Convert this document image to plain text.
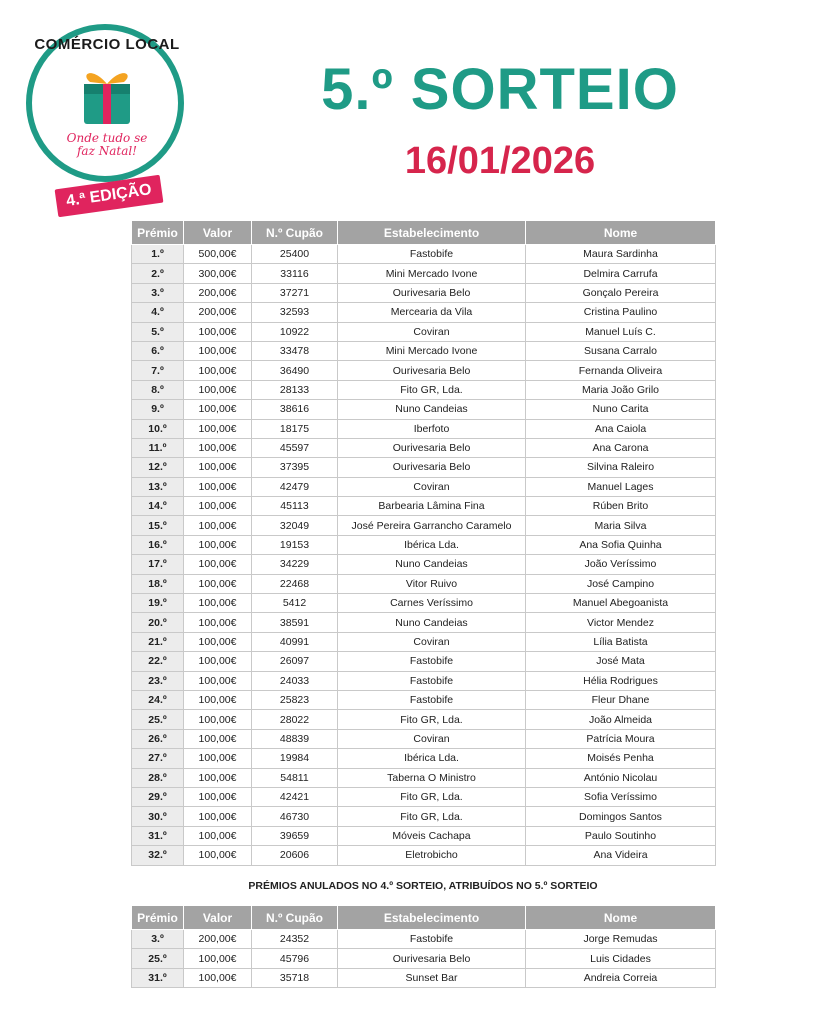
COMÉRCIO LOCAL
Onde tudo se
faz Natal!
4.ª EDIÇÃO
5.º SORTEIO
16/01/2026
Prémio	Valor	N.º Cupão	Estabelecimento	Nome
1.º	500,00€	25400	Fastobife	Maura Sardinha
2.º	300,00€	33116	Mini Mercado Ivone	Delmira Carrufa
3.º	200,00€	37271	Ourivesaria Belo	Gonçalo Pereira
4.º	200,00€	32593	Mercearia da Vila	Cristina Paulino
5.º	100,00€	10922	Coviran	Manuel Luís C.
6.º	100,00€	33478	Mini Mercado Ivone	Susana Carralo
7.º	100,00€	36490	Ourivesaria Belo	Fernanda Oliveira
8.º	100,00€	28133	Fito GR, Lda.	Maria João Grilo
9.º	100,00€	38616	Nuno Candeias	Nuno Carita
10.º	100,00€	18175	Iberfoto	Ana Caiola
11.º	100,00€	45597	Ourivesaria Belo	Ana Carona
12.º	100,00€	37395	Ourivesaria Belo	Silvina Raleiro
13.º	100,00€	42479	Coviran	Manuel Lages
14.º	100,00€	45113	Barbearia Lâmina Fina	Rúben Brito
15.º	100,00€	32049	José Pereira Garrancho Caramelo	Maria Silva
16.º	100,00€	19153	Ibérica Lda.	Ana Sofia Quinha
17.º	100,00€	34229	Nuno Candeias	João Veríssimo
18.º	100,00€	22468	Vitor Ruivo	José Campino
19.º	100,00€	5412	Carnes Veríssimo	Manuel Abegoanista
20.º	100,00€	38591	Nuno Candeias	Victor Mendez
21.º	100,00€	40991	Coviran	Lília Batista
22.º	100,00€	26097	Fastobife	José Mata
23.º	100,00€	24033	Fastobife	Hélia Rodrigues
24.º	100,00€	25823	Fastobife	Fleur Dhane
25.º	100,00€	28022	Fito GR, Lda.	João Almeida
26.º	100,00€	48839	Coviran	Patrícia Moura
27.º	100,00€	19984	Ibérica Lda.	Moisés Penha
28.º	100,00€	54811	Taberna O Ministro	António Nicolau
29.º	100,00€	42421	Fito GR, Lda.	Sofia Veríssimo
30.º	100,00€	46730	Fito GR, Lda.	Domingos Santos
31.º	100,00€	39659	Móveis Cachapa	Paulo Soutinho
32.º	100,00€	20606	Eletrobicho	Ana Videira
PRÉMIOS ANULADOS NO 4.º SORTEIO, ATRIBUÍDOS NO 5.º SORTEIO
Prémio	Valor	N.º Cupão	Estabelecimento	Nome
3.º	200,00€	24352	Fastobife	Jorge Remudas
25.º	100,00€	45796	Ourivesaria Belo	Luis Cidades
31.º	100,00€	35718	Sunset Bar	Andreia Correia
